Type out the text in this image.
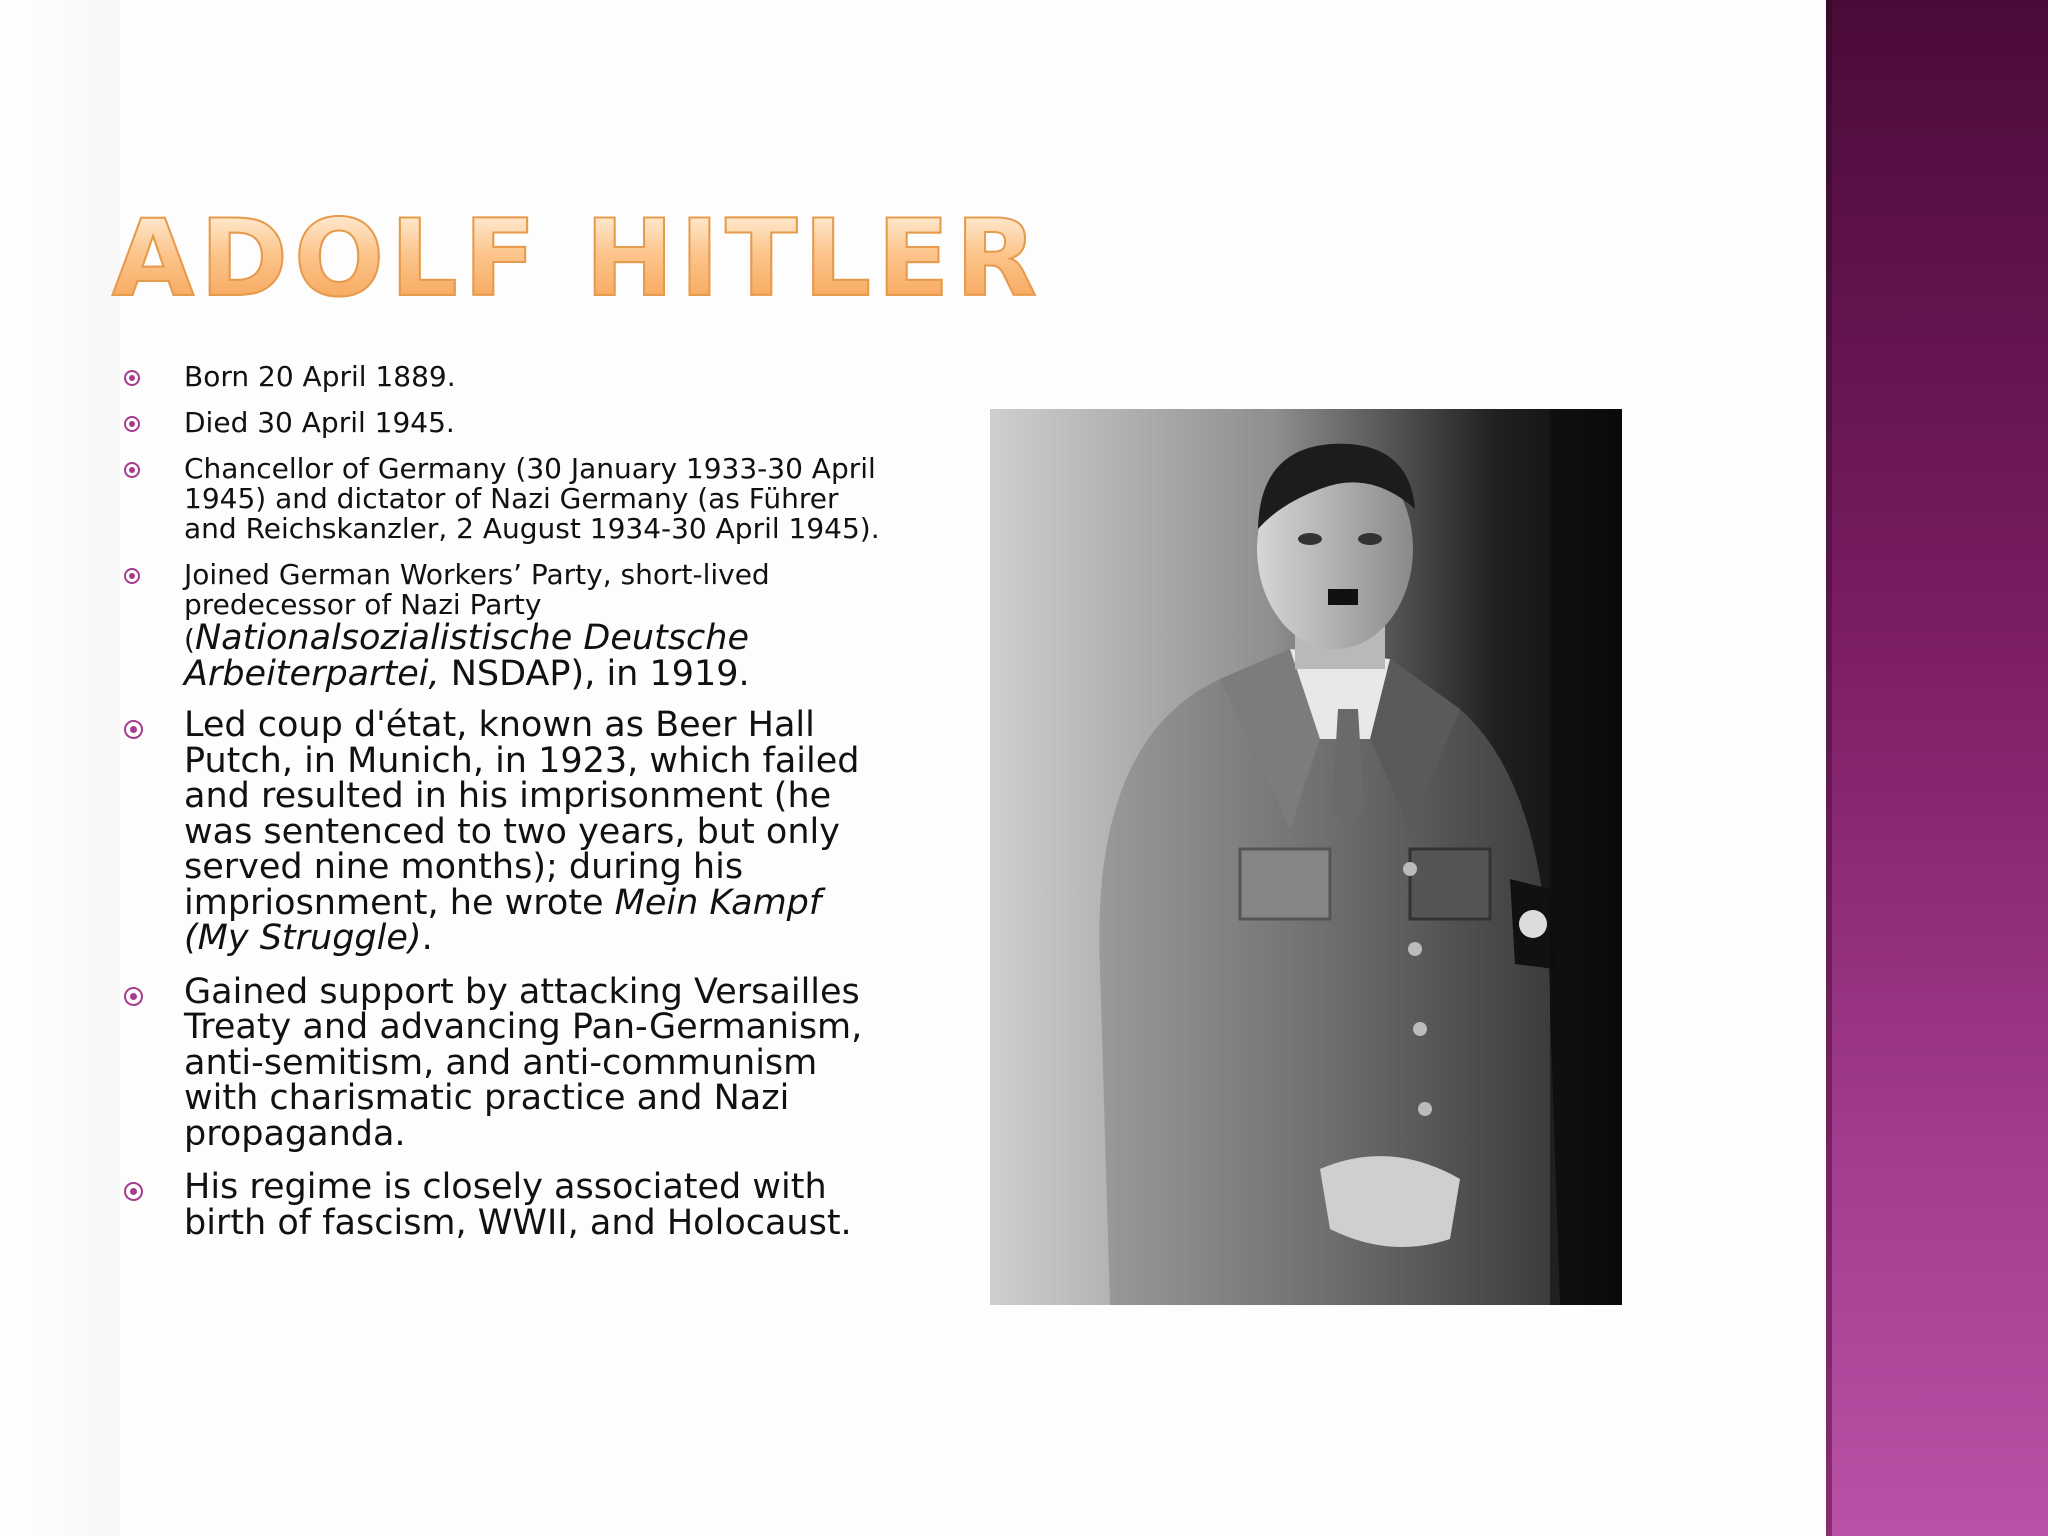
ADOLF HITLER
Born 20 April 1889.
Died 30 April 1945.
Chancellor of Germany (30 January 1933-30 April 1945) and dictator of Nazi Germany (as Führer and Reichskanzler, 2 August 1934-30 April 1945).
Joined German Workers’ Party, short-lived predecessor of Nazi Party (Nationalsozialistische Deutsche Arbeiterpartei, NSDAP), in 1919.
Led coup d'état, known as Beer Hall Putch, in Munich, in 1923, which failed and resulted in his imprisonment (he was sentenced to two years, but only served nine months); during his impriosnment, he wrote Mein Kampf (My Struggle).
Gained support by attacking Versailles Treaty and advancing Pan-Germanism, anti-semitism, and anti-communism with charismatic practice and Nazi propaganda.
His regime is closely associated with birth of fascism, WWII, and Holocaust.
